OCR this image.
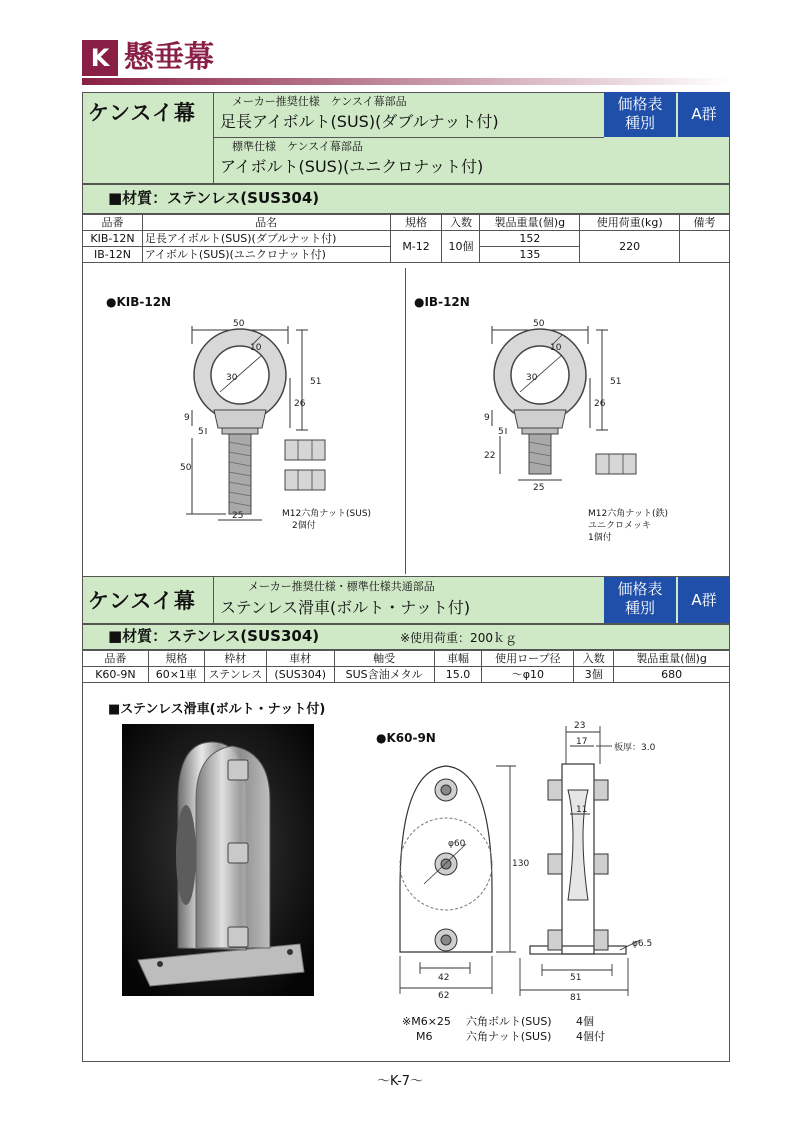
K 懸垂幕
ケンスイ幕	メーカー推奨仕様　ケンスイ幕部品
足長アイボルト(SUS)(ダブルナット付)
標準仕様　ケンスイ幕部品
アイボルト(SUS)(ユニクロナット付)
価格表
種別	A群
■材質：ステンレス(SUS304)
品番	品名	規格	入数	製品重量(個)g	使用荷重(kg)	備考
KIB-12N	足長アイボルト(SUS)(ダブルナット付)	M-12	10個	152	220	
IB-12N	アイボルト(SUS)(ユニクロナット付)			135		
●KIB-12N
50
10
30	51
26
9
5
50
25	M12六角ナット(SUS)
2個付
●IB-12N
50
10
30	51
26
9
5
22
25
M12六角ナット(鉄)
ユニクロメッキ
1個付
ケンスイ幕
メーカー推奨仕様・標準仕様共通部品
ステンレス滑車(ボルト・ナット付)
価格表
種別	A群
■材質：ステンレス(SUS304)	※使用荷重：200ｋｇ
品番	規格	枠材	車材	軸受	車幅	使用ロープ径	入数	製品重量(個)g
K60-9N	60×1車	ステンレス	(SUS304)	SUS含油メタル	15.0	～φ10	3個	680
■ステンレス滑車(ボルト・ナット付)
●K60-9N
23
17
板厚：3.0
11
φ60
130
φ6.5
42
62
51
81
※M6×25	六角ボルト(SUS)	4個
M6	六角ナット(SUS)	4個付
～K-7～
